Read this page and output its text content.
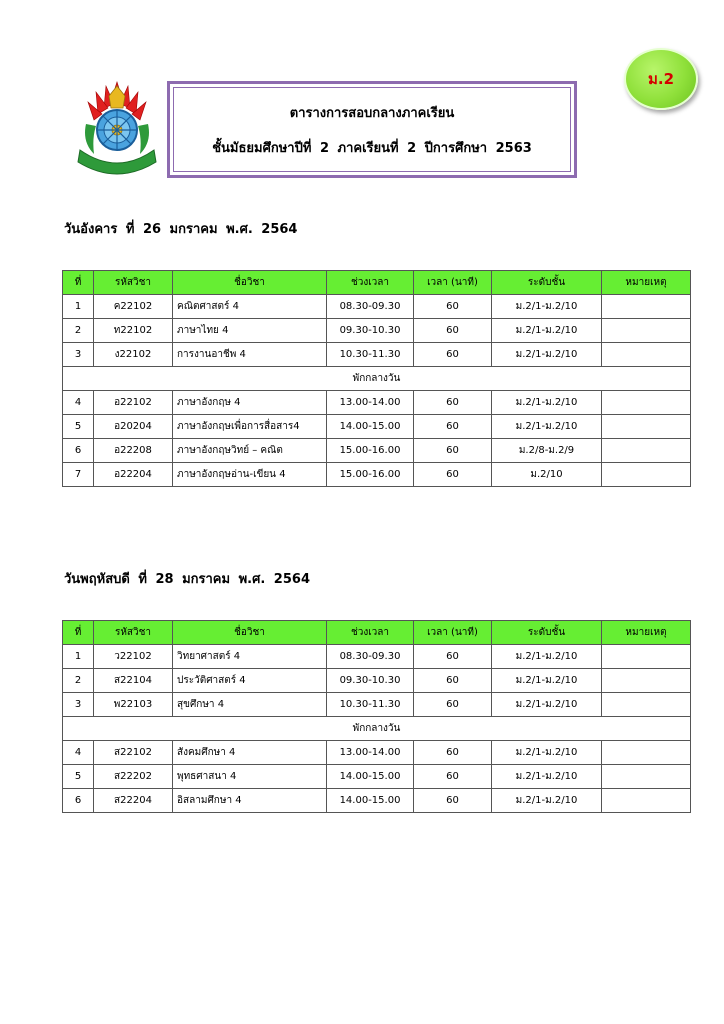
ม.2
ตารางการสอบกลางภาคเรียน
ชั้นมัธยมศึกษาปีที่ 2 ภาคเรียนที่ 2 ปีการศึกษา 2563
วันอังคาร ที่ 26 มกราคม พ.ศ. 2564
ที่	รหัสวิชา	ชื่อวิชา	ช่วงเวลา	เวลา (นาที)	ระดับชั้น	หมายเหตุ
1	ค22102	คณิตศาสตร์ 4	08.30-09.30	60	ม.2/1-ม.2/10	
2	ท22102	ภาษาไทย 4	09.30-10.30	60	ม.2/1-ม.2/10	
3	ง22102	การงานอาชีพ 4	10.30-11.30	60	ม.2/1-ม.2/10	
พักกลางวัน						
4	อ22102	ภาษาอังกฤษ 4	13.00-14.00	60	ม.2/1-ม.2/10	
5	อ20204	ภาษาอังกฤษเพื่อการสื่อสาร4	14.00-15.00	60	ม.2/1-ม.2/10	
6	อ22208	ภาษาอังกฤษวิทย์ – คณิต	15.00-16.00	60	ม.2/8-ม.2/9	
7	อ22204	ภาษาอังกฤษอ่าน-เขียน 4	15.00-16.00	60	ม.2/10	
วันพฤหัสบดี ที่ 28 มกราคม พ.ศ. 2564
ที่	รหัสวิชา	ชื่อวิชา	ช่วงเวลา	เวลา (นาที)	ระดับชั้น	หมายเหตุ
1	ว22102	วิทยาศาสตร์ 4	08.30-09.30	60	ม.2/1-ม.2/10	
2	ส22104	ประวัติศาสตร์ 4	09.30-10.30	60	ม.2/1-ม.2/10	
3	พ22103	สุขศึกษา 4	10.30-11.30	60	ม.2/1-ม.2/10	
พักกลางวัน						
4	ส22102	สังคมศึกษา 4	13.00-14.00	60	ม.2/1-ม.2/10	
5	ส22202	พุทธศาสนา 4	14.00-15.00	60	ม.2/1-ม.2/10	
6	ส22204	อิสลามศึกษา 4	14.00-15.00	60	ม.2/1-ม.2/10	
